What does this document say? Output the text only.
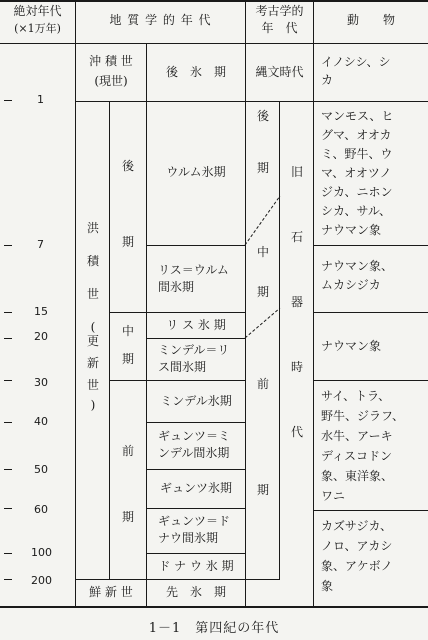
絶対年代
(×1万年)
地 質 学 的 年 代
考古学的
年　代
動　　物
沖 積 世
(現世)
洪
積
世
(
更
新
世
)
鮮 新 世
後
期
中
期
前
期
後　氷　期
ウルム氷期
リス＝ウルム
間氷期
リ ス 氷 期
ミンデル＝リ
ス間氷期
ミンデル氷期
ギュンツ＝ミ
ンデル間氷期
ギュンツ氷期
ギュンツ＝ド
ナウ間氷期
ド ナ ウ 氷 期
先　氷　期
縄文時代
後
期
中
期
前
期
旧
石
器
時
代
イノシシ、シ
カ
マンモス、ヒ
グマ、オオカ
ミ、野牛、ウ
マ、オオツノ
ジカ、ニホン
シカ、サル、
ナウマン象
ナウマン象、
ムカシジカ
ナウマン象
サイ、トラ、
野牛、ジラフ、
水牛、アーキ
ディスコドン
象、東洋象、
ワニ
カズサジカ、
ノロ、アカシ
象、アケボノ
象
1
7
15
20
30
40
50
60
100
200
1－1　第四紀の年代
